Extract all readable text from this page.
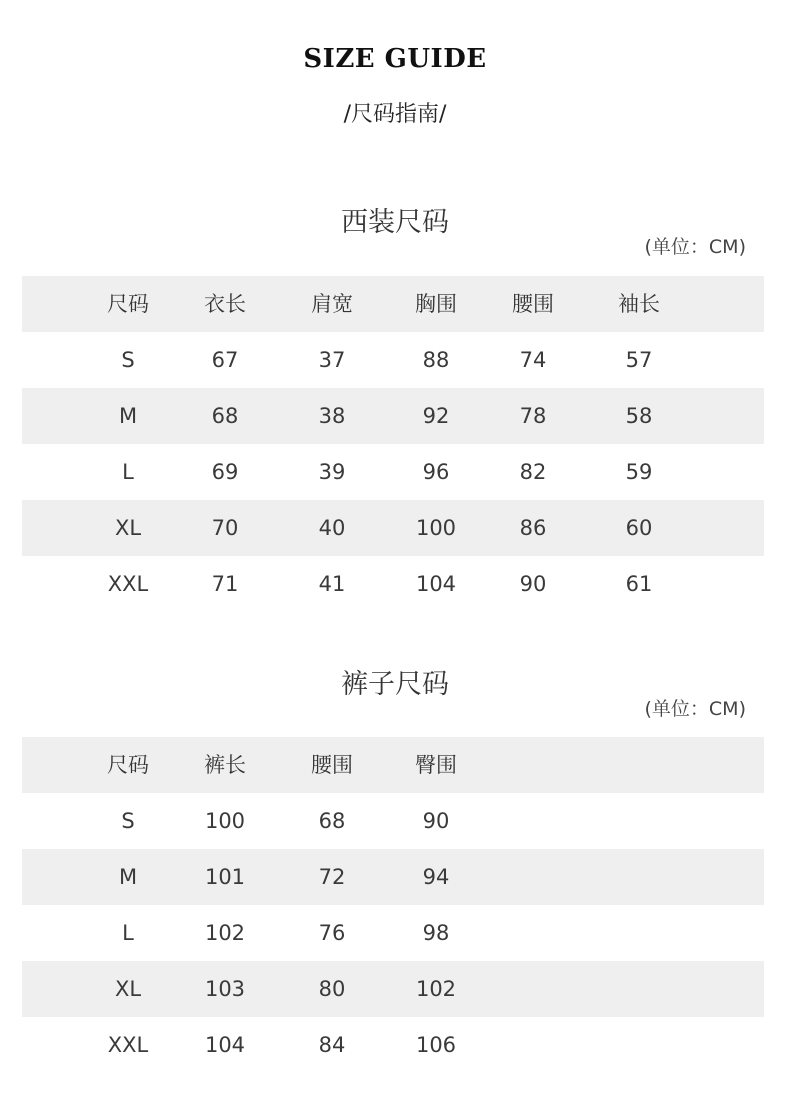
SIZE GUIDE
/尺码指南/
西装尺码
(单位：CM)
尺码	衣长	肩宽	胸围	腰围	袖长
S	67	37	88	74	57
M	68	38	92	78	58
L	69	39	96	82	59
XL	70	40	100	86	60
XXL	71	41	104	90	61
裤子尺码
(单位：CM)
尺码	裤长	腰围	臀围
S	100	68	90
M	101	72	94
L	102	76	98
XL	103	80	102
XXL	104	84	106
